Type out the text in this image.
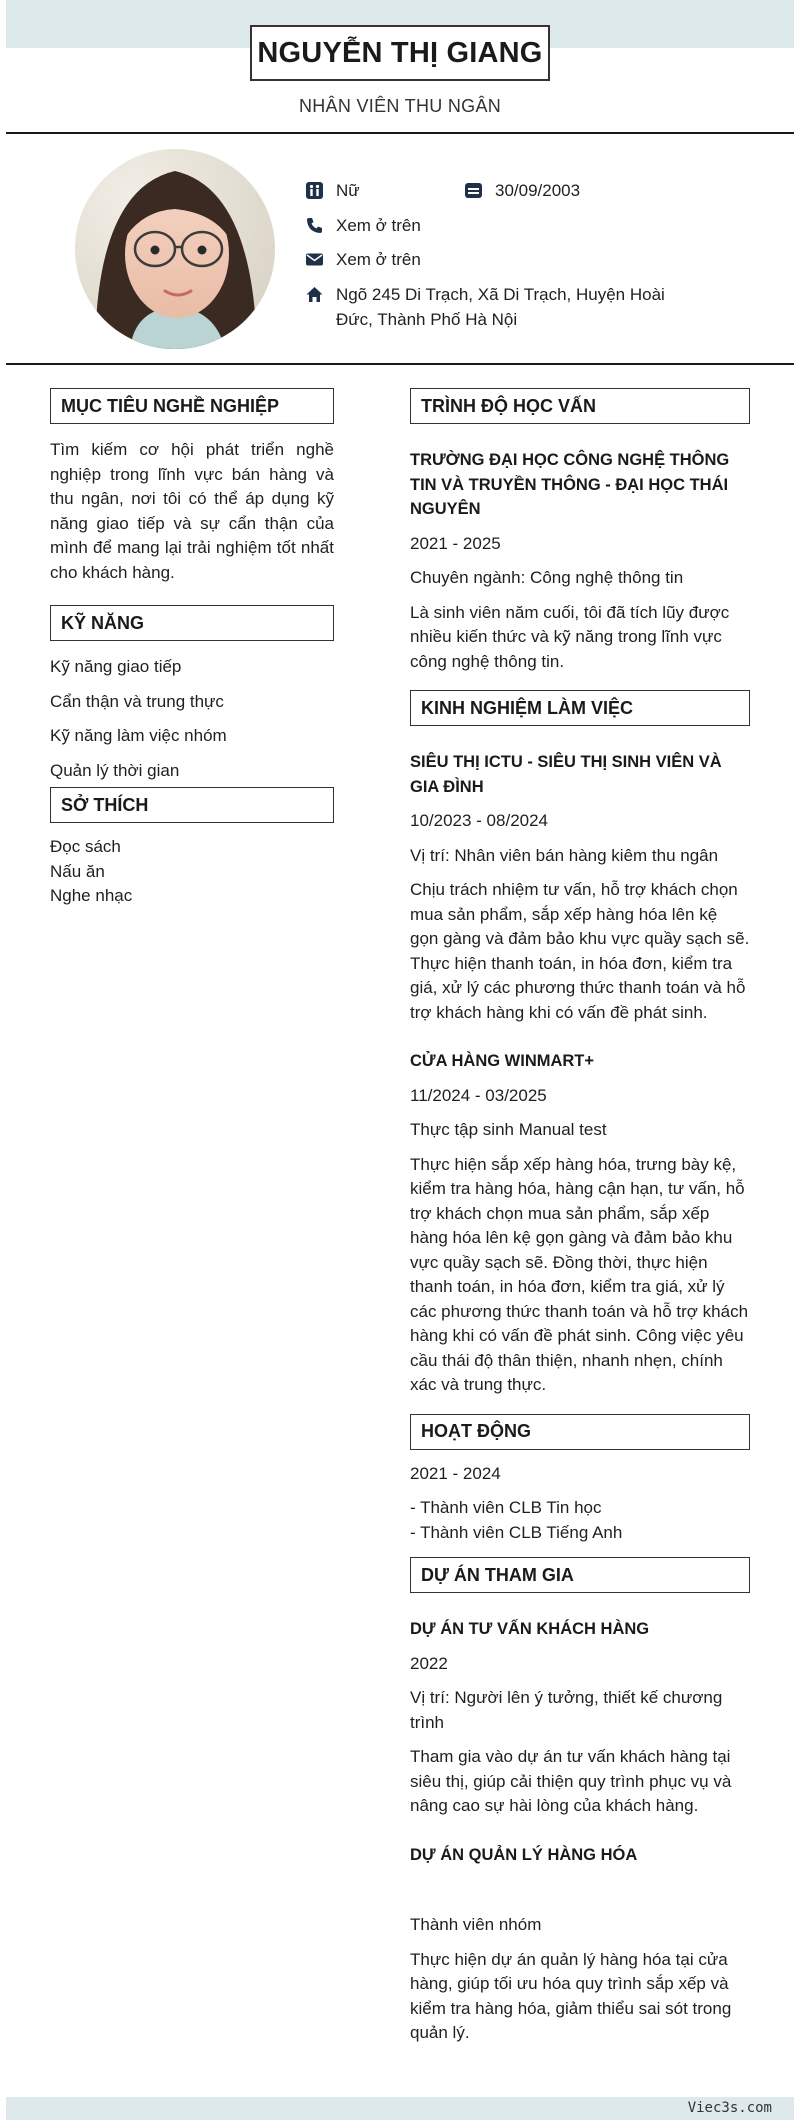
NGUYỄN THỊ GIANG
NHÂN VIÊN THU NGÂN
Nữ	30/09/2003
Xem ở trên
Xem ở trên
Ngõ 245 Di Trạch, Xã Di Trạch, Huyện Hoài
Đức, Thành Phố Hà Nội
MỤC TIÊU NGHỀ NGHIỆP
Tìm kiếm cơ hội phát triển nghề nghiệp trong lĩnh vực bán hàng và thu ngân, nơi tôi có thể áp dụng kỹ năng giao tiếp và sự cẩn thận của mình để mang lại trải nghiệm tốt nhất cho khách hàng.
KỸ NĂNG
Kỹ năng giao tiếp
Cẩn thận và trung thực
Kỹ năng làm việc nhóm
Quản lý thời gian
SỞ THÍCH
Đọc sách
Nấu ăn
Nghe nhạc
TRÌNH ĐỘ HỌC VẤN
TRƯỜNG ĐẠI HỌC CÔNG NGHỆ THÔNG TIN VÀ TRUYỀN THÔNG - ĐẠI HỌC THÁI NGUYÊN
2021 - 2025
Chuyên ngành: Công nghệ thông tin
Là sinh viên năm cuối, tôi đã tích lũy được nhiều kiến thức và kỹ năng trong lĩnh vực công nghệ thông tin.
KINH NGHIỆM LÀM VIỆC
SIÊU THỊ ICTU - SIÊU THỊ SINH VIÊN VÀ GIA ĐÌNH
10/2023 - 08/2024
Vị trí: Nhân viên bán hàng kiêm thu ngân
Chịu trách nhiệm tư vấn, hỗ trợ khách chọn mua sản phẩm, sắp xếp hàng hóa lên kệ gọn gàng và đảm bảo khu vực quầy sạch sẽ. Thực hiện thanh toán, in hóa đơn, kiểm tra giá, xử lý các phương thức thanh toán và hỗ trợ khách hàng khi có vấn đề phát sinh.
CỬA HÀNG WINMART+
11/2024 - 03/2025
Thực tập sinh Manual test
Thực hiện sắp xếp hàng hóa, trưng bày kệ, kiểm tra hàng hóa, hàng cận hạn, tư vấn, hỗ trợ khách chọn mua sản phẩm, sắp xếp hàng hóa lên kệ gọn gàng và đảm bảo khu vực quầy sạch sẽ. Đồng thời, thực hiện thanh toán, in hóa đơn, kiểm tra giá, xử lý các phương thức thanh toán và hỗ trợ khách hàng khi có vấn đề phát sinh. Công việc yêu cầu thái độ thân thiện, nhanh nhẹn, chính xác và trung thực.
HOẠT ĐỘNG
2021 - 2024
- Thành viên CLB Tin học
- Thành viên CLB Tiếng Anh
DỰ ÁN THAM GIA
DỰ ÁN TƯ VẤN KHÁCH HÀNG
2022
Vị trí: Người lên ý tưởng, thiết kế chương trình
Tham gia vào dự án tư vấn khách hàng tại siêu thị, giúp cải thiện quy trình phục vụ và nâng cao sự hài lòng của khách hàng.
DỰ ÁN QUẢN LÝ HÀNG HÓA
Thành viên nhóm
Thực hiện dự án quản lý hàng hóa tại cửa hàng, giúp tối ưu hóa quy trình sắp xếp và kiểm tra hàng hóa, giảm thiểu sai sót trong quản lý.
Viec3s.com
